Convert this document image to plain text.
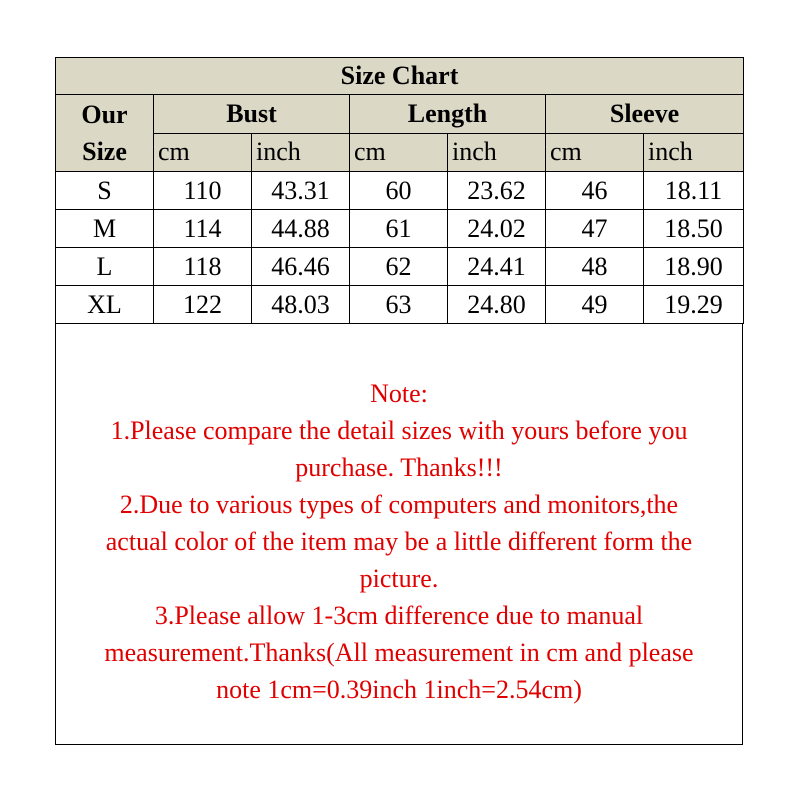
Size Chart						
Our
Size	Bust		Length		Sleeve	
	cm	inch	cm	inch	cm	inch
S	110	43.31	60	23.62	46	18.11
M	114	44.88	61	24.02	47	18.50
L	118	46.46	62	24.41	48	18.90
XL	122	48.03	63	24.80	49	19.29
Note:
1.Please compare the detail sizes with yours before you
purchase. Thanks!!!
2.Due to various types of computers and monitors,the
actual color of the item may be a little different form the
picture.
3.Please allow 1-3cm difference due to manual
measurement.Thanks(All measurement in cm and please
note 1cm=0.39inch 1inch=2.54cm)
